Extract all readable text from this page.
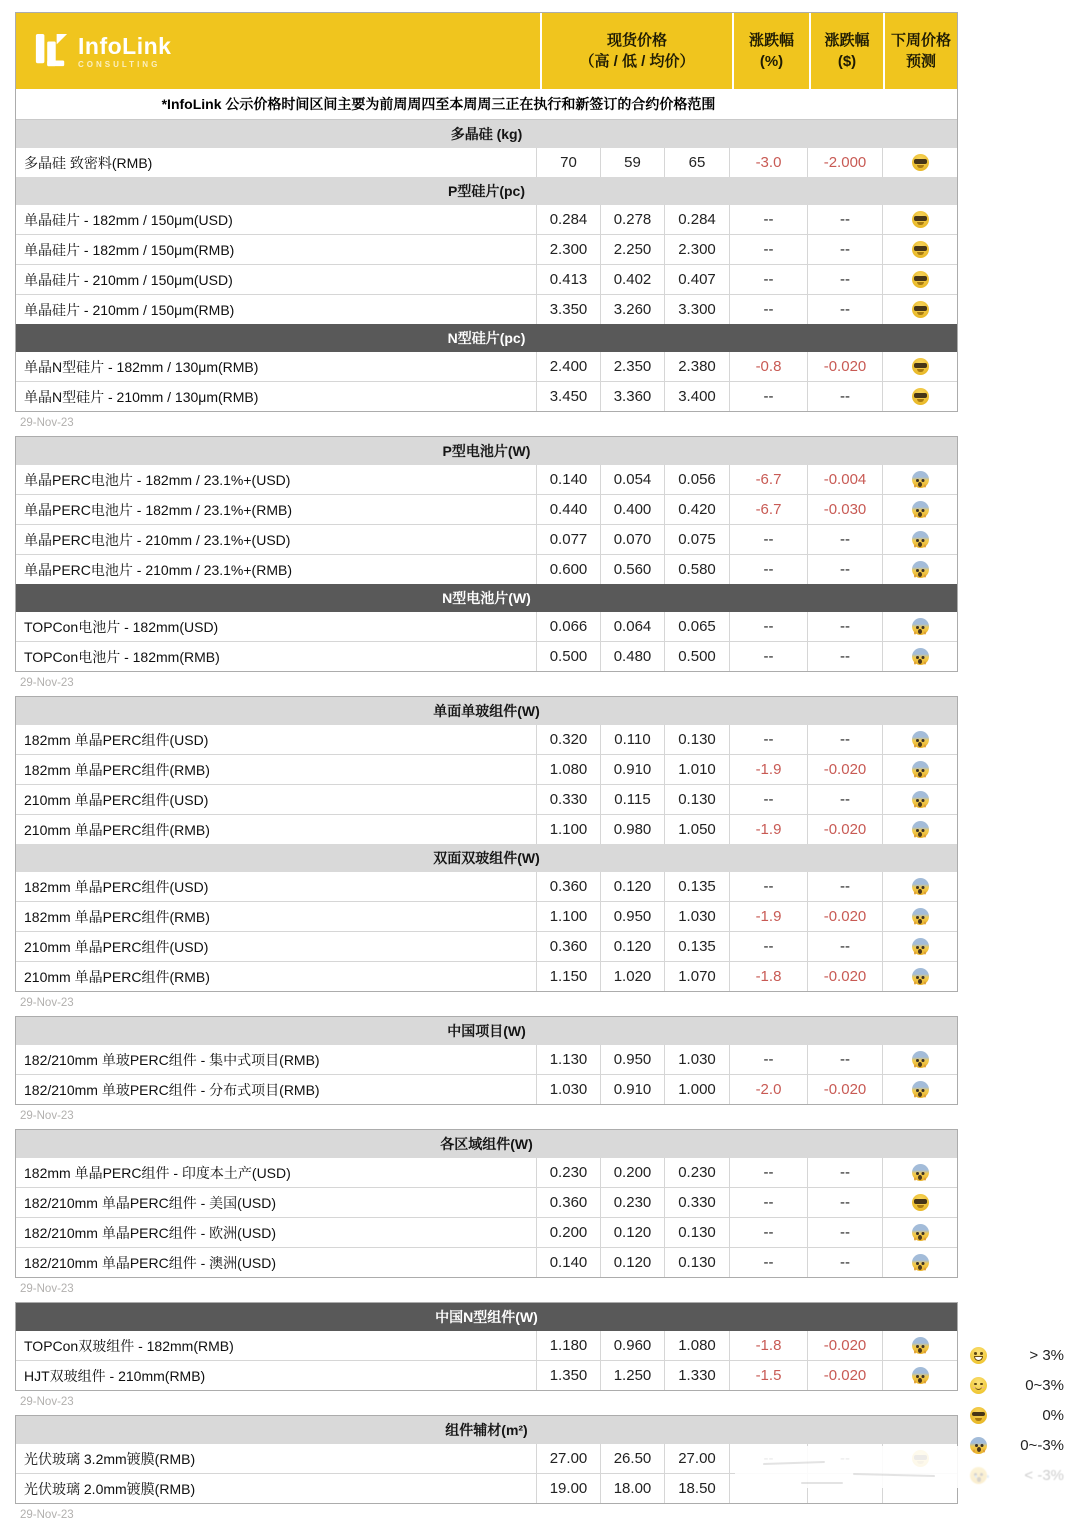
InfoLink
CONSULTING
现货价格
（高 / 低 / 均价）
涨跌幅
(%)
涨跌幅
($)
下周价格
预测
*InfoLink 公示价格时间区间主要为前周周四至本周周三正在执行和新签订的合约价格范围
多晶硅 (kg)
多晶硅 致密料(RMB)	70	59	65	-3.0	-2.000
P型硅片(pc)
单晶硅片 - 182mm / 150μm(USD)	0.284	0.278	0.284	--	--
单晶硅片 - 182mm / 150μm(RMB)	2.300	2.250	2.300	--	--
单晶硅片 - 210mm / 150μm(USD)	0.413	0.402	0.407	--	--
单晶硅片 - 210mm / 150μm(RMB)	3.350	3.260	3.300	--	--
N型硅片(pc)
单晶N型硅片 - 182mm / 130μm(RMB)	2.400	2.350	2.380	-0.8	-0.020
单晶N型硅片 - 210mm / 130μm(RMB)	3.450	3.360	3.400	--	--
29-Nov-23
P型电池片(W)
单晶PERC电池片 - 182mm / 23.1%+(USD)	0.140	0.054	0.056	-6.7	-0.004
单晶PERC电池片 - 182mm / 23.1%+(RMB)	0.440	0.400	0.420	-6.7	-0.030
单晶PERC电池片 - 210mm / 23.1%+(USD)	0.077	0.070	0.075	--	--
单晶PERC电池片 - 210mm / 23.1%+(RMB)	0.600	0.560	0.580	--	--
N型电池片(W)
TOPCon电池片 - 182mm(USD)	0.066	0.064	0.065	--	--
TOPCon电池片 - 182mm(RMB)	0.500	0.480	0.500	--	--
29-Nov-23
单面单玻组件(W)
182mm 单晶PERC组件(USD)	0.320	0.110	0.130	--	--
182mm 单晶PERC组件(RMB)	1.080	0.910	1.010	-1.9	-0.020
210mm 单晶PERC组件(USD)	0.330	0.115	0.130	--	--
210mm 单晶PERC组件(RMB)	1.100	0.980	1.050	-1.9	-0.020
双面双玻组件(W)
182mm 单晶PERC组件(USD)	0.360	0.120	0.135	--	--
182mm 单晶PERC组件(RMB)	1.100	0.950	1.030	-1.9	-0.020
210mm 单晶PERC组件(USD)	0.360	0.120	0.135	--	--
210mm 单晶PERC组件(RMB)	1.150	1.020	1.070	-1.8	-0.020
29-Nov-23
中国项目(W)
182/210mm 单玻PERC组件 - 集中式项目(RMB)	1.130	0.950	1.030	--	--
182/210mm 单玻PERC组件 - 分布式项目(RMB)	1.030	0.910	1.000	-2.0	-0.020
29-Nov-23
各区域组件(W)
182mm 单晶PERC组件 - 印度本土产(USD)	0.230	0.200	0.230	--	--
182/210mm 单晶PERC组件 - 美国(USD)	0.360	0.230	0.330	--	--
182/210mm 单晶PERC组件 - 欧洲(USD)	0.200	0.120	0.130	--	--
182/210mm 单晶PERC组件 - 澳洲(USD)	0.140	0.120	0.130	--	--
29-Nov-23
中国N型组件(W)
TOPCon双玻组件 - 182mm(RMB)	1.180	0.960	1.080	-1.8	-0.020
HJT双玻组件 - 210mm(RMB)	1.350	1.250	1.330	-1.5	-0.020
29-Nov-23
组件辅材(m²)
光伏玻璃 3.2mm镀膜(RMB)	27.00	26.50	27.00
光伏玻璃 2.0mm镀膜(RMB)	19.00	18.00	18.50
29-Nov-23
> 3%
0~3%
0%
0~-3%
< -3%
